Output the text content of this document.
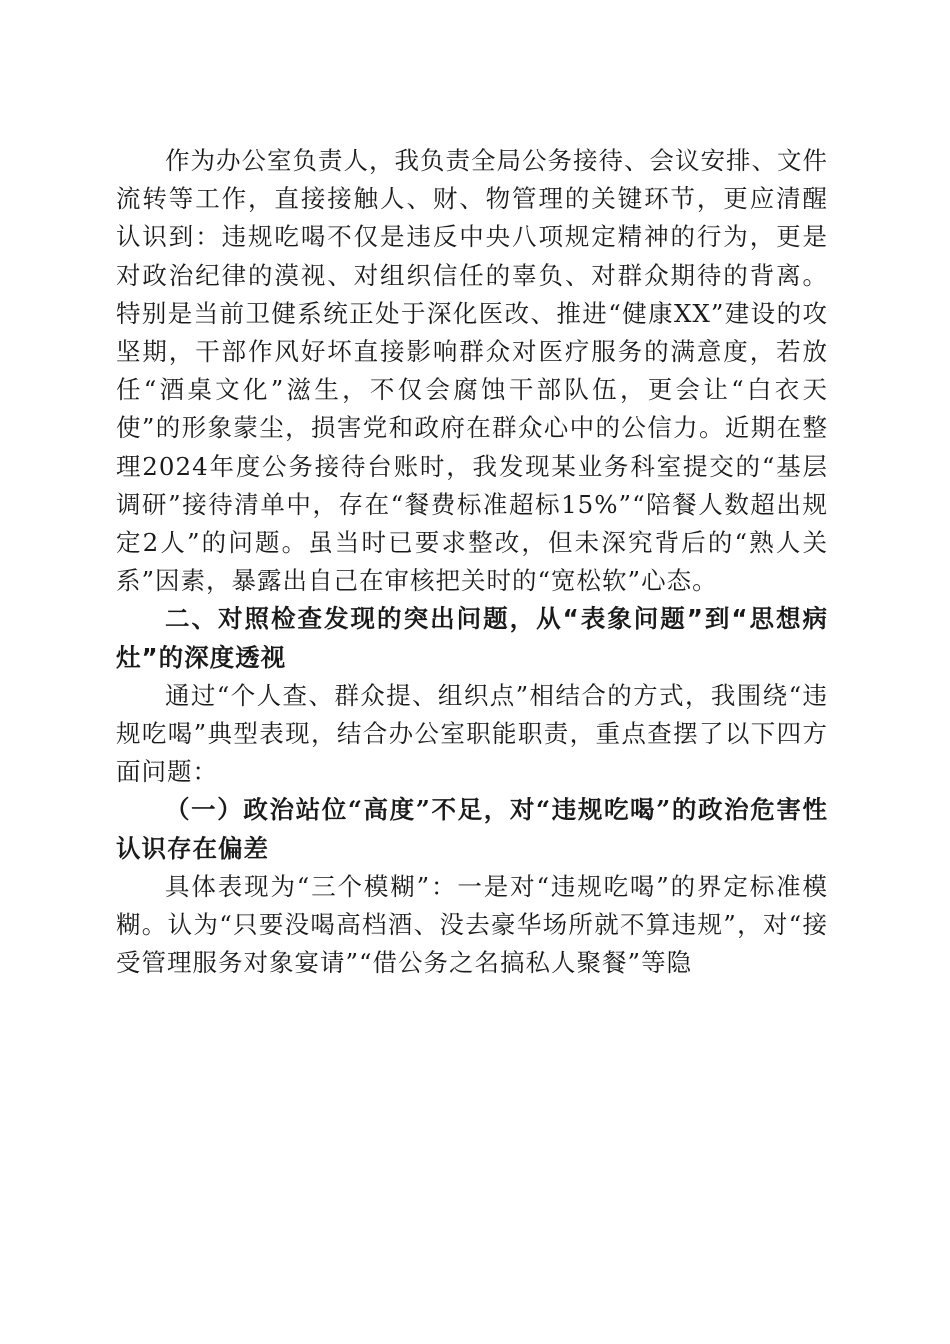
作为办公室负责人，我负责全局公务接待、会议安排、文件流转等工作，直接接触人、财、物管理的关键环节，更应清醒认识到：违规吃喝不仅是违反中央八项规定精神的行为，更是对政治纪律的漠视、对组织信任的辜负、对群众期待的背离。特别是当前卫健系统正处于深化医改、推进“健康XX”建设的攻坚期，干部作风好坏直接影响群众对医疗服务的满意度，若放任“酒桌文化”滋生，不仅会腐蚀干部队伍，更会让“白衣天使”的形象蒙尘，损害党和政府在群众心中的公信力。近期在整理2024年度公务接待台账时，我发现某业务科室提交的“基层调研”接待清单中，存在“餐费标准超标15%”“陪餐人数超出规定2人”的问题。虽当时已要求整改，但未深究背后的“熟人关系”因素，暴露出自己在审核把关时的“宽松软”心态。

二、对照检查发现的突出问题，从“表象问题”到“思想病灶”的深度透视

通过“个人查、群众提、组织点”相结合的方式，我围绕“违规吃喝”典型表现，结合办公室职能职责，重点查摆了以下四方面问题：

（一）政治站位“高度”不足，对“违规吃喝”的政治危害性认识存在偏差

具体表现为“三个模糊”：一是对“违规吃喝”的界定标准模糊。认为“只要没喝高档酒、没去豪华场所就不算违规”，对“接受管理服务对象宴请”“借公务之名搞私人聚餐”等隐
